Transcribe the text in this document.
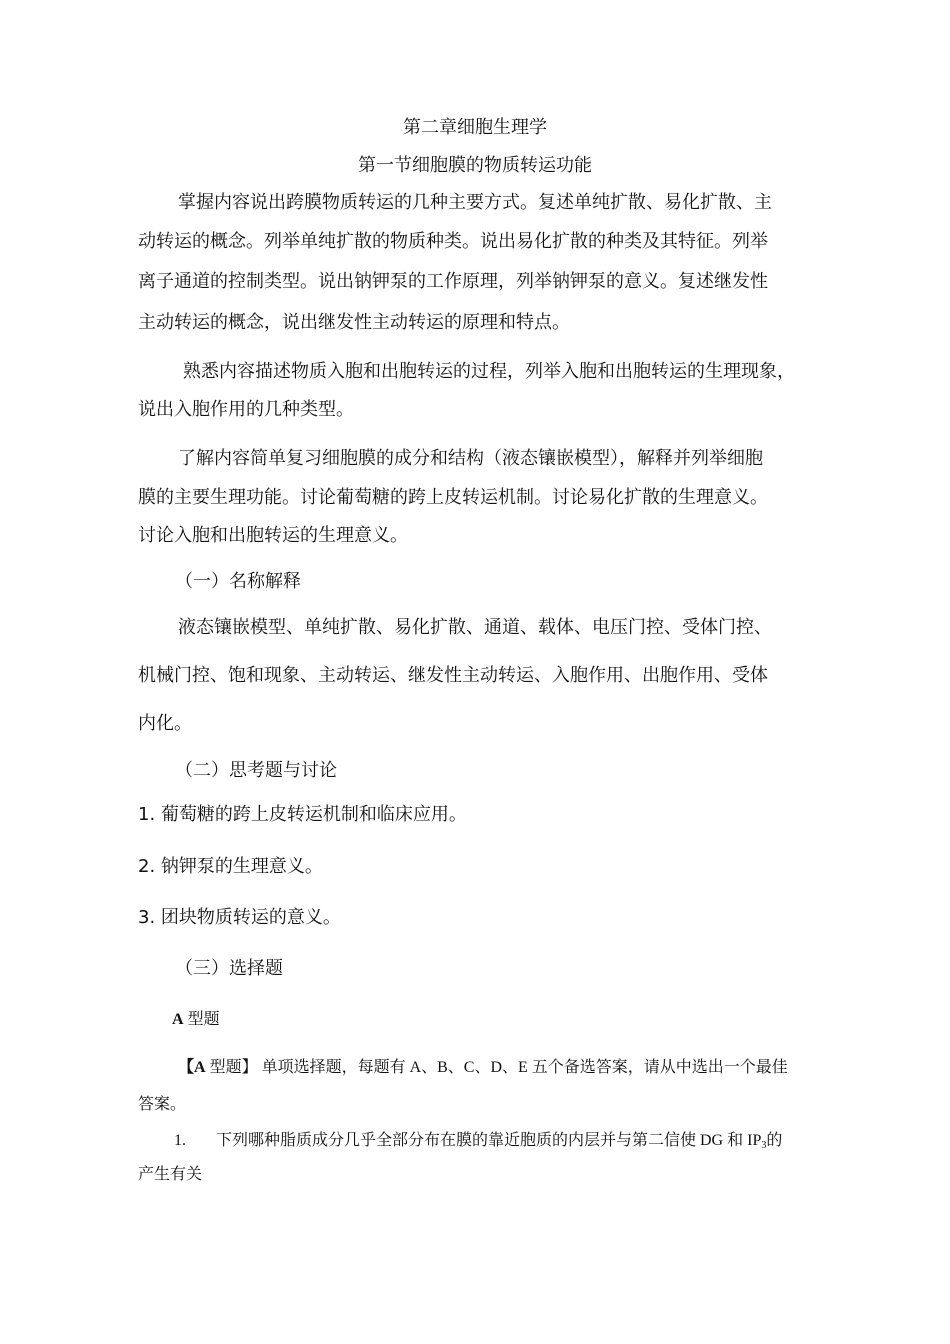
第二章细胞生理学
第一节细胞膜的物质转运功能
掌握内容说出跨膜物质转运的几种主要方式。复述单纯扩散、易化扩散、主
动转运的概念。列举单纯扩散的物质种类。说出易化扩散的种类及其特征。列举
离子通道的控制类型。说出钠钾泵的工作原理，列举钠钾泵的意义。复述继发性
主动转运的概念，说出继发性主动转运的原理和特点。
熟悉内容描述物质入胞和出胞转运的过程，列举入胞和出胞转运的生理现象，
说出入胞作用的几种类型。
了解内容简单复习细胞膜的成分和结构（液态镶嵌模型），解释并列举细胞
膜的主要生理功能。讨论葡萄糖的跨上皮转运机制。讨论易化扩散的生理意义。
讨论入胞和出胞转运的生理意义。
（一）名称解释
液态镶嵌模型、单纯扩散、易化扩散、通道、载体、电压门控、受体门控、
机械门控、饱和现象、主动转运、继发性主动转运、入胞作用、出胞作用、受体
内化。
（二）思考题与讨论
1. 葡萄糖的跨上皮转运机制和临床应用。
2. 钠钾泵的生理意义。
3. 团块物质转运的意义。
（三）选择题
A 型题
【A 型题】 单项选择题，每题有 A、B、C、D、E 五个备选答案，请从中选出一个最佳
答案。
1. 下列哪种脂质成分几乎全部分布在膜的靠近胞质的内层并与第二信使 DG 和 $IP_3$的
产生有关
